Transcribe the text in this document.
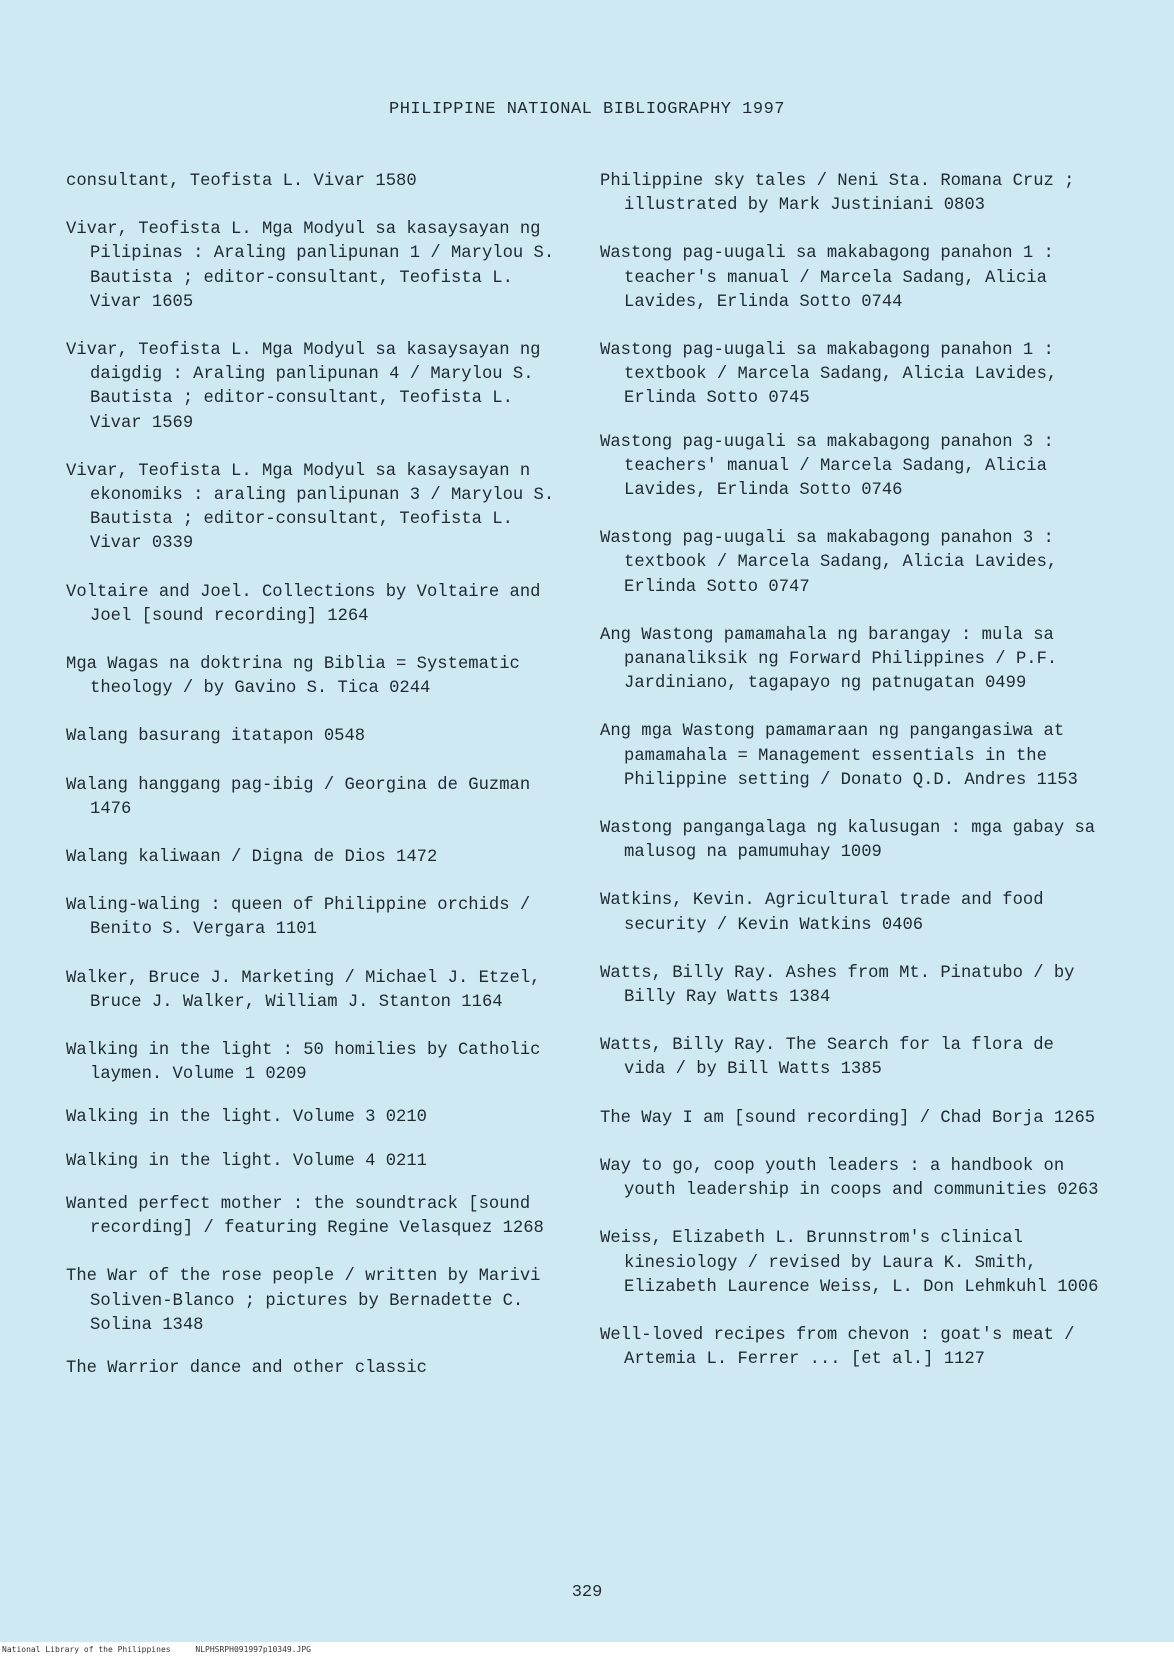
PHILIPPINE NATIONAL BIBLIOGRAPHY 1997

consultant, Teofista L. Vivar 1580

Vivar, Teofista L. Mga Modyul sa kasaysayan ng Pilipinas : Araling panlipunan 1 / Marylou S. Bautista ; editor-consultant, Teofista L. Vivar 1605

Vivar, Teofista L. Mga Modyul sa kasaysayan ng daigdig : Araling panlipunan 4 / Marylou S. Bautista ; editor-consultant, Teofista L. Vivar 1569

Vivar, Teofista L. Mga Modyul sa kasaysayan n ekonomiks : araling panlipunan 3 / Marylou S. Bautista ; editor-consultant, Teofista L. Vivar 0339

Voltaire and Joel. Collections by Voltaire and Joel [sound recording] 1264

Mga Wagas na doktrina ng Biblia = Systematic theology / by Gavino S. Tica 0244

Walang basurang itatapon 0548

Walang hanggang pag-ibig / Georgina de Guzman 1476

Walang kaliwaan / Digna de Dios 1472

Waling-waling : queen of Philippine orchids / Benito S. Vergara 1101

Walker, Bruce J. Marketing / Michael J. Etzel, Bruce J. Walker, William J. Stanton 1164

Walking in the light : 50 homilies by Catholic laymen. Volume 1 0209

Walking in the light. Volume 3 0210

Walking in the light. Volume 4 0211

Wanted perfect mother : the soundtrack [sound recording] / featuring Regine Velasquez 1268

The War of the rose people / written by Marivi Soliven-Blanco ; pictures by Bernadette C. Solina 1348

The Warrior dance and other classic

Philippine sky tales / Neni Sta. Romana Cruz ; illustrated by Mark Justiniani 0803

Wastong pag-uugali sa makabagong panahon 1 : teacher's manual / Marcela Sadang, Alicia Lavides, Erlinda Sotto 0744

Wastong pag-uugali sa makabagong panahon 1 : textbook / Marcela Sadang, Alicia Lavides, Erlinda Sotto 0745

Wastong pag-uugali sa makabagong panahon 3 : teachers' manual / Marcela Sadang, Alicia Lavides, Erlinda Sotto 0746

Wastong pag-uugali sa makabagong panahon 3 : textbook / Marcela Sadang, Alicia Lavides, Erlinda Sotto 0747

Ang Wastong pamamahala ng barangay : mula sa pananaliksik ng Forward Philippines / P.F. Jardiniano, tagapayo ng patnugatan 0499

Ang mga Wastong pamamaraan ng pangangasiwa at pamamahala = Management essentials in the Philippine setting / Donato Q.D. Andres 1153

Wastong pangangalaga ng kalusugan : mga gabay sa malusog na pamumuhay 1009

Watkins, Kevin. Agricultural trade and food security / Kevin Watkins 0406

Watts, Billy Ray. Ashes from Mt. Pinatubo / by Billy Ray Watts 1384

Watts, Billy Ray. The Search for la flora de vida / by Bill Watts 1385

The Way I am [sound recording] / Chad Borja 1265

Way to go, coop youth leaders : a handbook on youth leadership in coops and communities 0263

Weiss, Elizabeth L. Brunnstrom's clinical kinesiology / revised by Laura K. Smith, Elizabeth Laurence Weiss, L. Don Lehmkuhl 1006

Well-loved recipes from chevon : goat's meat / Artemia L. Ferrer ... [et al.] 1127

329
National Library of the Philippines	NLPHSRPH091997p10349.JPG
